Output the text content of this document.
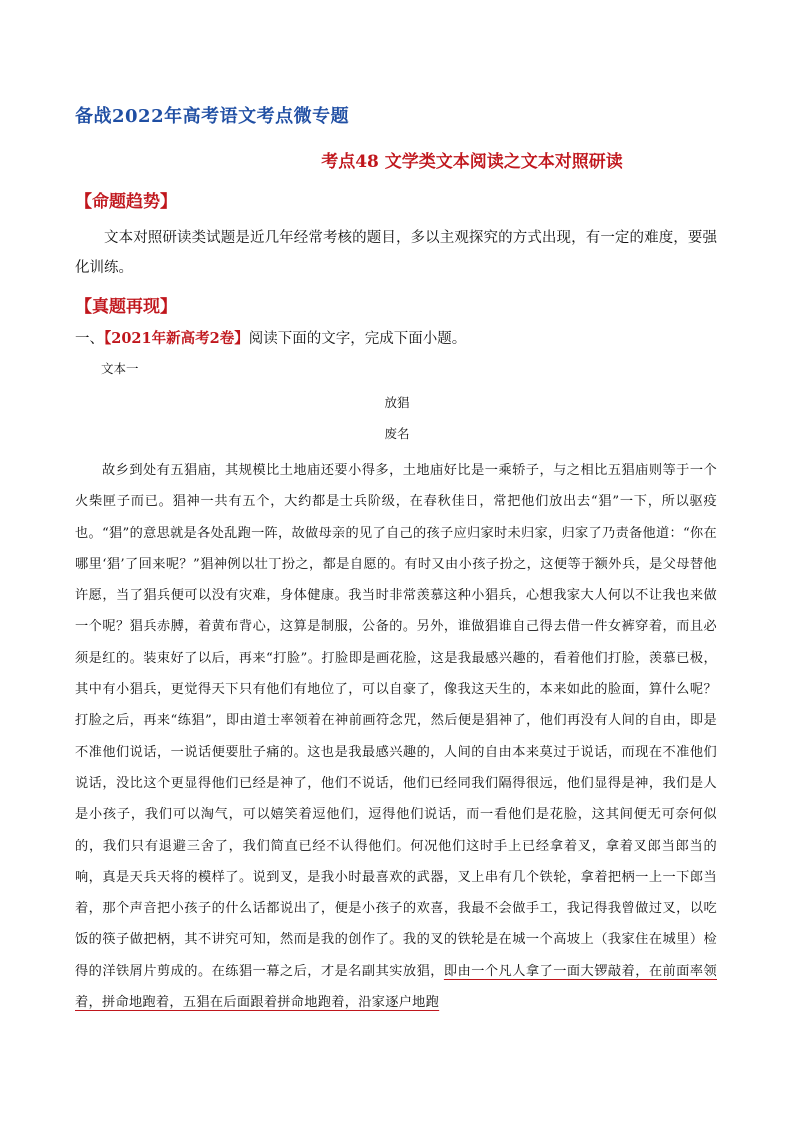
备战2022年高考语文考点微专题
考点48 文学类文本阅读之文本对照研读
【命题趋势】
文本对照研读类试题是近几年经常考核的题目，多以主观探究的方式出现，有一定的难度，要强化训练。
【真题再现】
一、【2021年新高考2卷】阅读下面的文字，完成下面小题。
文本一
放猖
废名
故乡到处有五猖庙，其规模比土地庙还要小得多，土地庙好比是一乘轿子，与之相比五猖庙则等于一个火柴匣子而已。猖神一共有五个，大约都是士兵阶级，在春秋佳日，常把他们放出去“猖”一下，所以驱疫也。“猖”的意思就是各处乱跑一阵，故做母亲的见了自己的孩子应归家时未归家，归家了乃责备他道：“你在哪里‘猖’了回来呢？”猖神例以壮丁扮之，都是自愿的。有时又由小孩子扮之，这便等于额外兵，是父母替他许愿，当了猖兵便可以没有灾难，身体健康。我当时非常羡慕这种小猖兵，心想我家大人何以不让我也来做一个呢？猖兵赤膊，着黄布背心，这算是制服，公备的。另外，谁做猖谁自己得去借一件女裤穿着，而且必须是红的。装束好了以后，再来“打脸”。打脸即是画花脸，这是我最感兴趣的，看着他们打脸，羡慕已极，其中有小猖兵，更觉得天下只有他们有地位了，可以自豪了，像我这天生的，本来如此的脸面，算什么呢？打脸之后，再来“练猖”，即由道士率领着在神前画符念咒，然后便是猖神了，他们再没有人间的自由，即是不准他们说话，一说话便要肚子痛的。这也是我最感兴趣的，人间的自由本来莫过于说话，而现在不准他们说话，没比这个更显得他们已经是神了，他们不说话，他们已经同我们隔得很远，他们显得是神，我们是人是小孩子，我们可以淘气，可以嬉笑着逗他们，逗得他们说话，而一看他们是花脸，这其间便无可奈何似的，我们只有退避三舍了，我们简直已经不认得他们。何况他们这时手上已经拿着叉，拿着叉郎当郎当的响，真是天兵天将的模样了。说到叉，是我小时最喜欢的武器，叉上串有几个铁轮，拿着把柄一上一下郎当着，那个声音把小孩子的什么话都说出了，便是小孩子的欢喜，我最不会做手工，我记得我曾做过叉，以吃饭的筷子做把柄，其不讲究可知，然而是我的创作了。我的叉的铁轮是在城一个高坡上（我家住在城里）检得的洋铁屑片剪成的。在练猖一幕之后，才是名副其实放猖，即由一个凡人拿了一面大锣敲着，在前面率领着，拼命地跑着，五猖在后面跟着拼命地跑着，沿家逐户地跑
